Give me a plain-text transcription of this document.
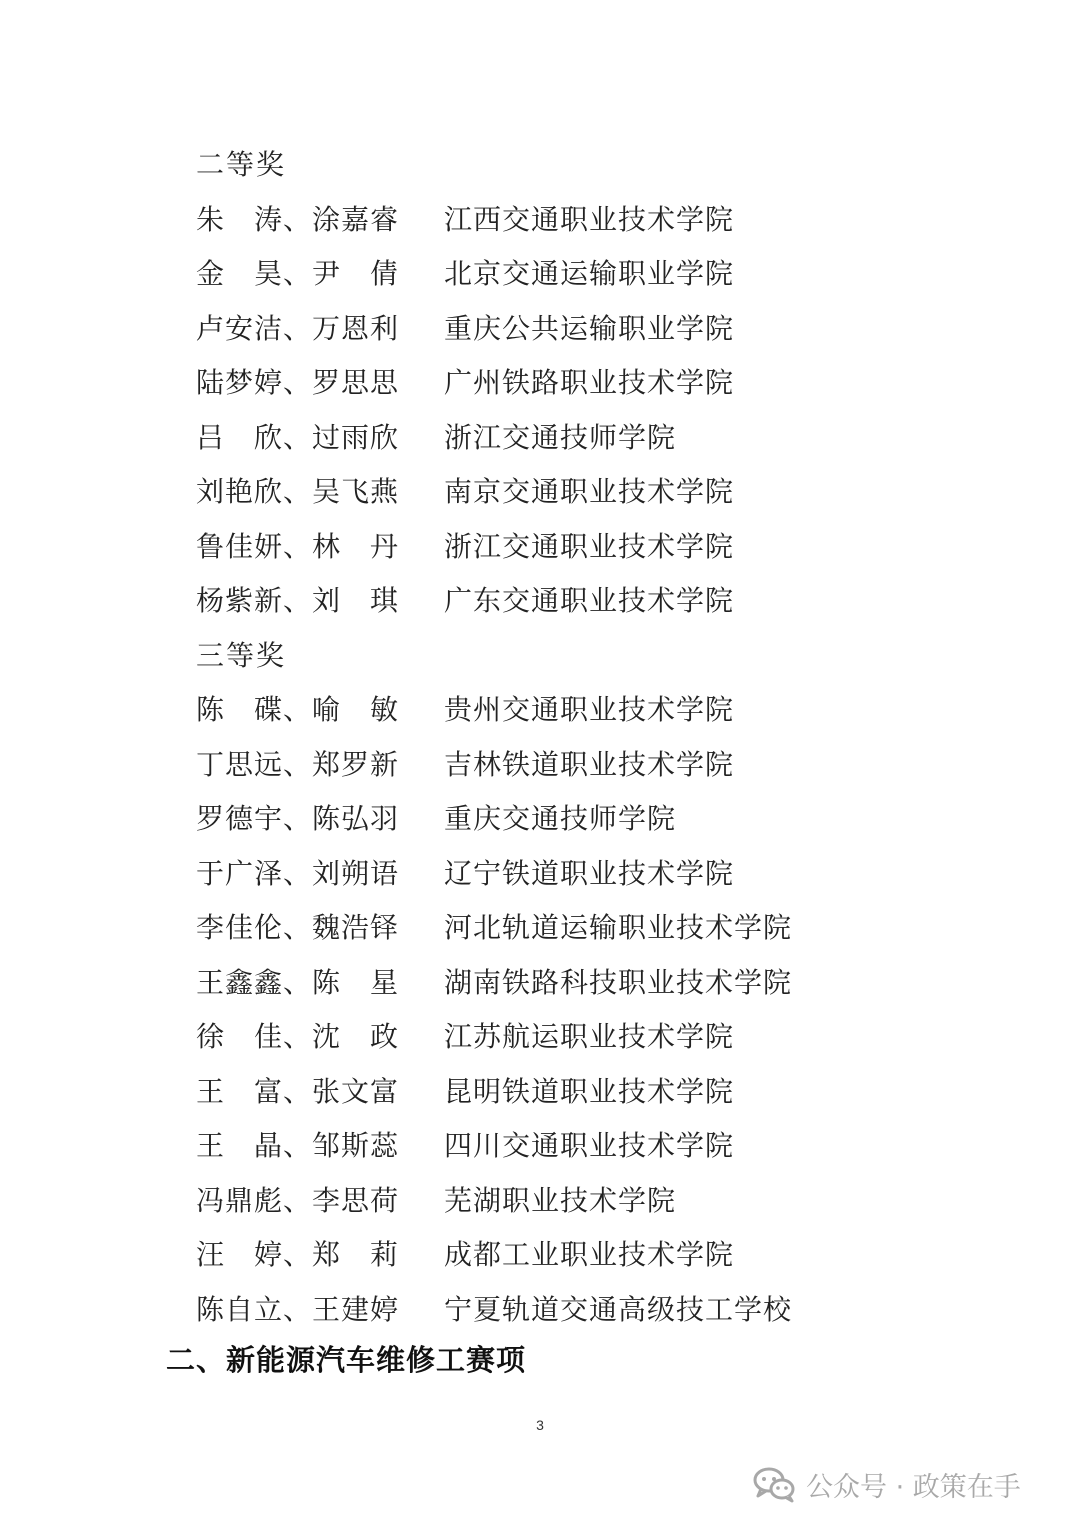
二等奖
朱　涛、涂嘉睿	江西交通职业技术学院
金　昊、尹　倩	北京交通运输职业学院
卢安洁、万恩利	重庆公共运输职业学院
陆梦婷、罗思思	广州铁路职业技术学院
吕　欣、过雨欣	浙江交通技师学院
刘艳欣、吴飞燕	南京交通职业技术学院
鲁佳妍、林　丹	浙江交通职业技术学院
杨紫新、刘　琪	广东交通职业技术学院
三等奖
陈　碟、喻　敏	贵州交通职业技术学院
丁思远、郑罗新	吉林铁道职业技术学院
罗德宇、陈弘羽	重庆交通技师学院
于广泽、刘朔语	辽宁铁道职业技术学院
李佳伦、魏浩铎	河北轨道运输职业技术学院
王鑫鑫、陈　星	湖南铁路科技职业技术学院
徐　佳、沈　政	江苏航运职业技术学院
王　富、张文富	昆明铁道职业技术学院
王　晶、邹斯蕊	四川交通职业技术学院
冯鼎彪、李思荷	芜湖职业技术学院
汪　婷、郑　莉	成都工业职业技术学院
陈自立、王建婷	宁夏轨道交通高级技工学校
二、新能源汽车维修工赛项
3
公众号 · 政策在手
